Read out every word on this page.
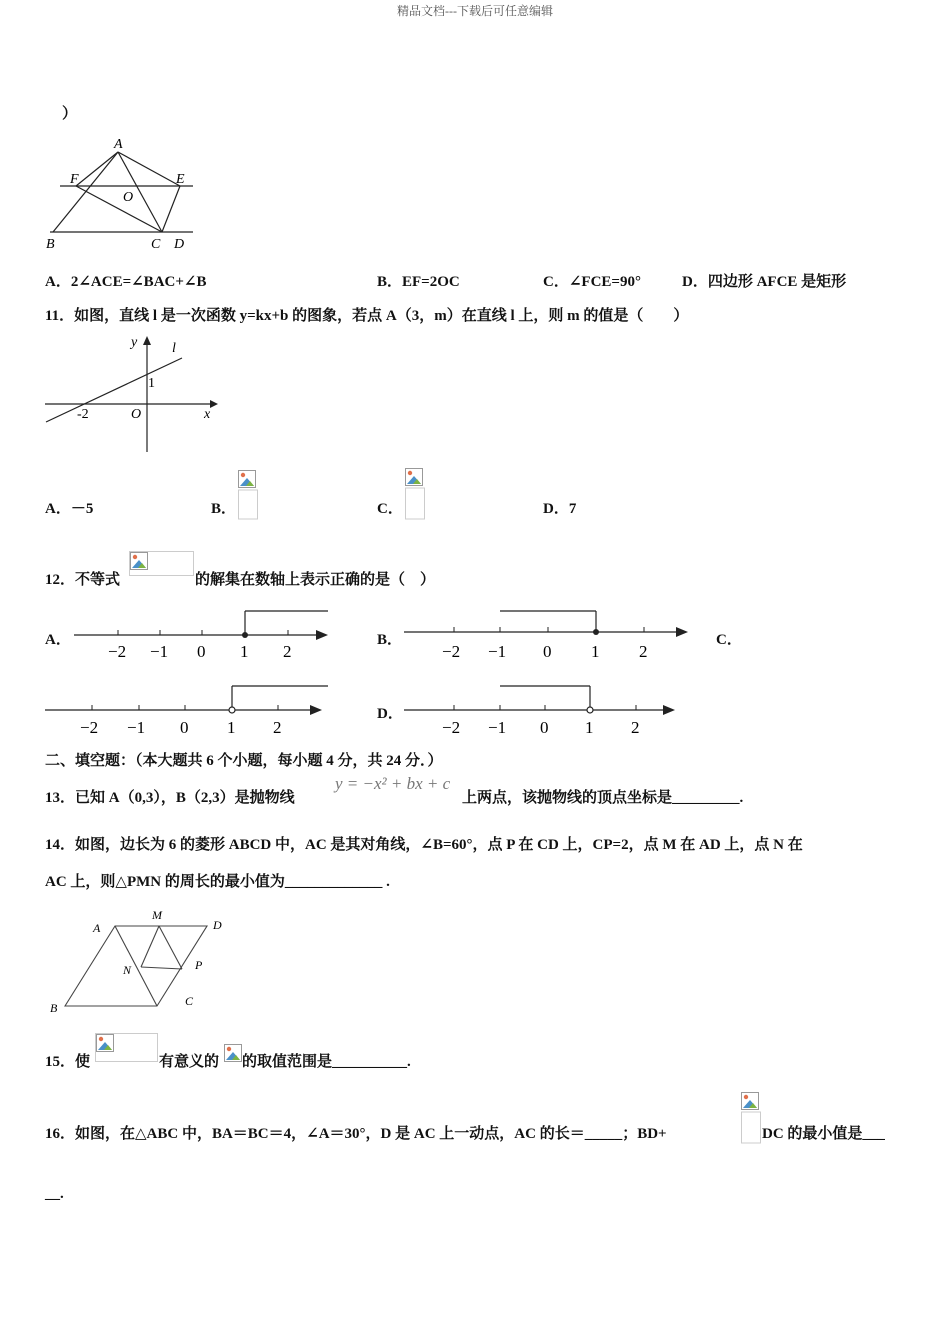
精品文档---下载后可任意编辑
）
A
F	E
O
B	C D
A．2∠ACE=∠BAC+∠B	B．EF=2OC	C．∠FCE=90°	D．四边形 AFCE 是矩形
11．如图，直线 l 是一次函数 y=kx+b 的图象，若点 A（3，m）在直线 l 上，则 m 的值是（　　）
y l
1
-2	O	x
A．－5	B．	C．	D．7
12．不等式	的解集在数轴上表示正确的是（　）
A．
−2 −1 0 1 2
B．
−2 −1 0 1 2
C．
−2 −1 0 1 2
D．
−2 −1 0 1 2
二、填空题：（本大题共 6 个小题，每小题 4 分，共 24 分．）
13．已知 A（0,3），B（2,3）是抛物线
y = −x² + bx + c
上两点，该抛物线的顶点坐标是_________.
14．如图，边长为 6 的菱形 ABCD 中，AC 是其对角线，∠B=60°，点 P 在 CD 上，CP=2，点 M 在 AD 上，点 N 在
AC 上，则△PMN 的周长的最小值为_____________ .
A
M
D
N	P
B	C
15．使	有意义的 的取值范围是__________.
16．如图，在△ABC 中，BA＝BC＝4，∠A＝30°，D 是 AC 上一动点，AC 的长＝_____；BD+	DC 的最小值是___
__.
